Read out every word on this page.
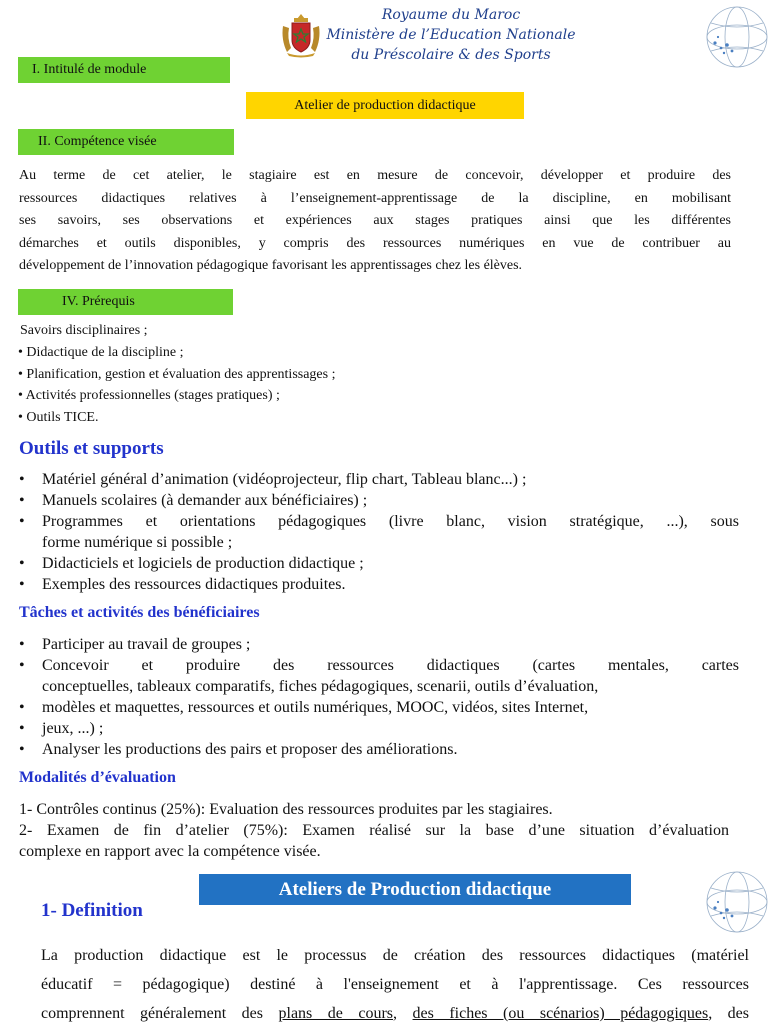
Royaume du Maroc
Ministère de l’Education Nationale
du Préscolaire & des Sports
I. Intitulé de module
Atelier de production didactique
II. Compétence visée
Au terme de cet atelier, le stagiaire est en mesure de concevoir, développer et produire des
ressources didactiques relatives à l’enseignement-apprentissage de la discipline, en mobilisant
ses savoirs, ses observations et expériences aux stages pratiques ainsi que les différentes
démarches et outils disponibles, y compris des ressources numériques en vue de contribuer au
développement de l’innovation pédagogique favorisant les apprentissages chez les élèves.
IV. Prérequis
Savoirs disciplinaires ;
• Didactique de la discipline ;
• Planification, gestion et évaluation des apprentissages ;
• Activités professionnelles (stages pratiques) ;
• Outils TICE.
Outils et supports
• Matériel général d’animation (vidéoprojecteur, flip chart, Tableau blanc...) ;
• Manuels scolaires (à demander aux bénéficiaires) ;
• Programmes et orientations pédagogiques (livre blanc, vision stratégique, ...), sous
forme numérique si possible ;
• Didacticiels et logiciels de production didactique ;
• Exemples des ressources didactiques produites.
Tâches et activités des bénéficiaires
• Participer au travail de groupes ;
• Concevoir et produire des ressources didactiques (cartes mentales, cartes
conceptuelles, tableaux comparatifs, fiches pédagogiques, scenarii, outils d’évaluation,
• modèles et maquettes, ressources et outils numériques, MOOC, vidéos, sites Internet,
• jeux, ...) ;
• Analyser les productions des pairs et proposer des améliorations.
Modalités d’évaluation
1- Contrôles continus (25%): Evaluation des ressources produites par les stagiaires.
2- Examen de fin d’atelier (75%): Examen réalisé sur la base d’une situation d’évaluation
complexe en rapport avec la compétence visée.
Ateliers de Production didactique
1- Definition
La production didactique est le processus de création des ressources didactiques (matériel
éducatif = pédagogique) destiné à l'enseignement et à l'apprentissage. Ces ressources
comprennent généralement des plans de cours, des fiches (ou scénarios) pédagogiques, des
